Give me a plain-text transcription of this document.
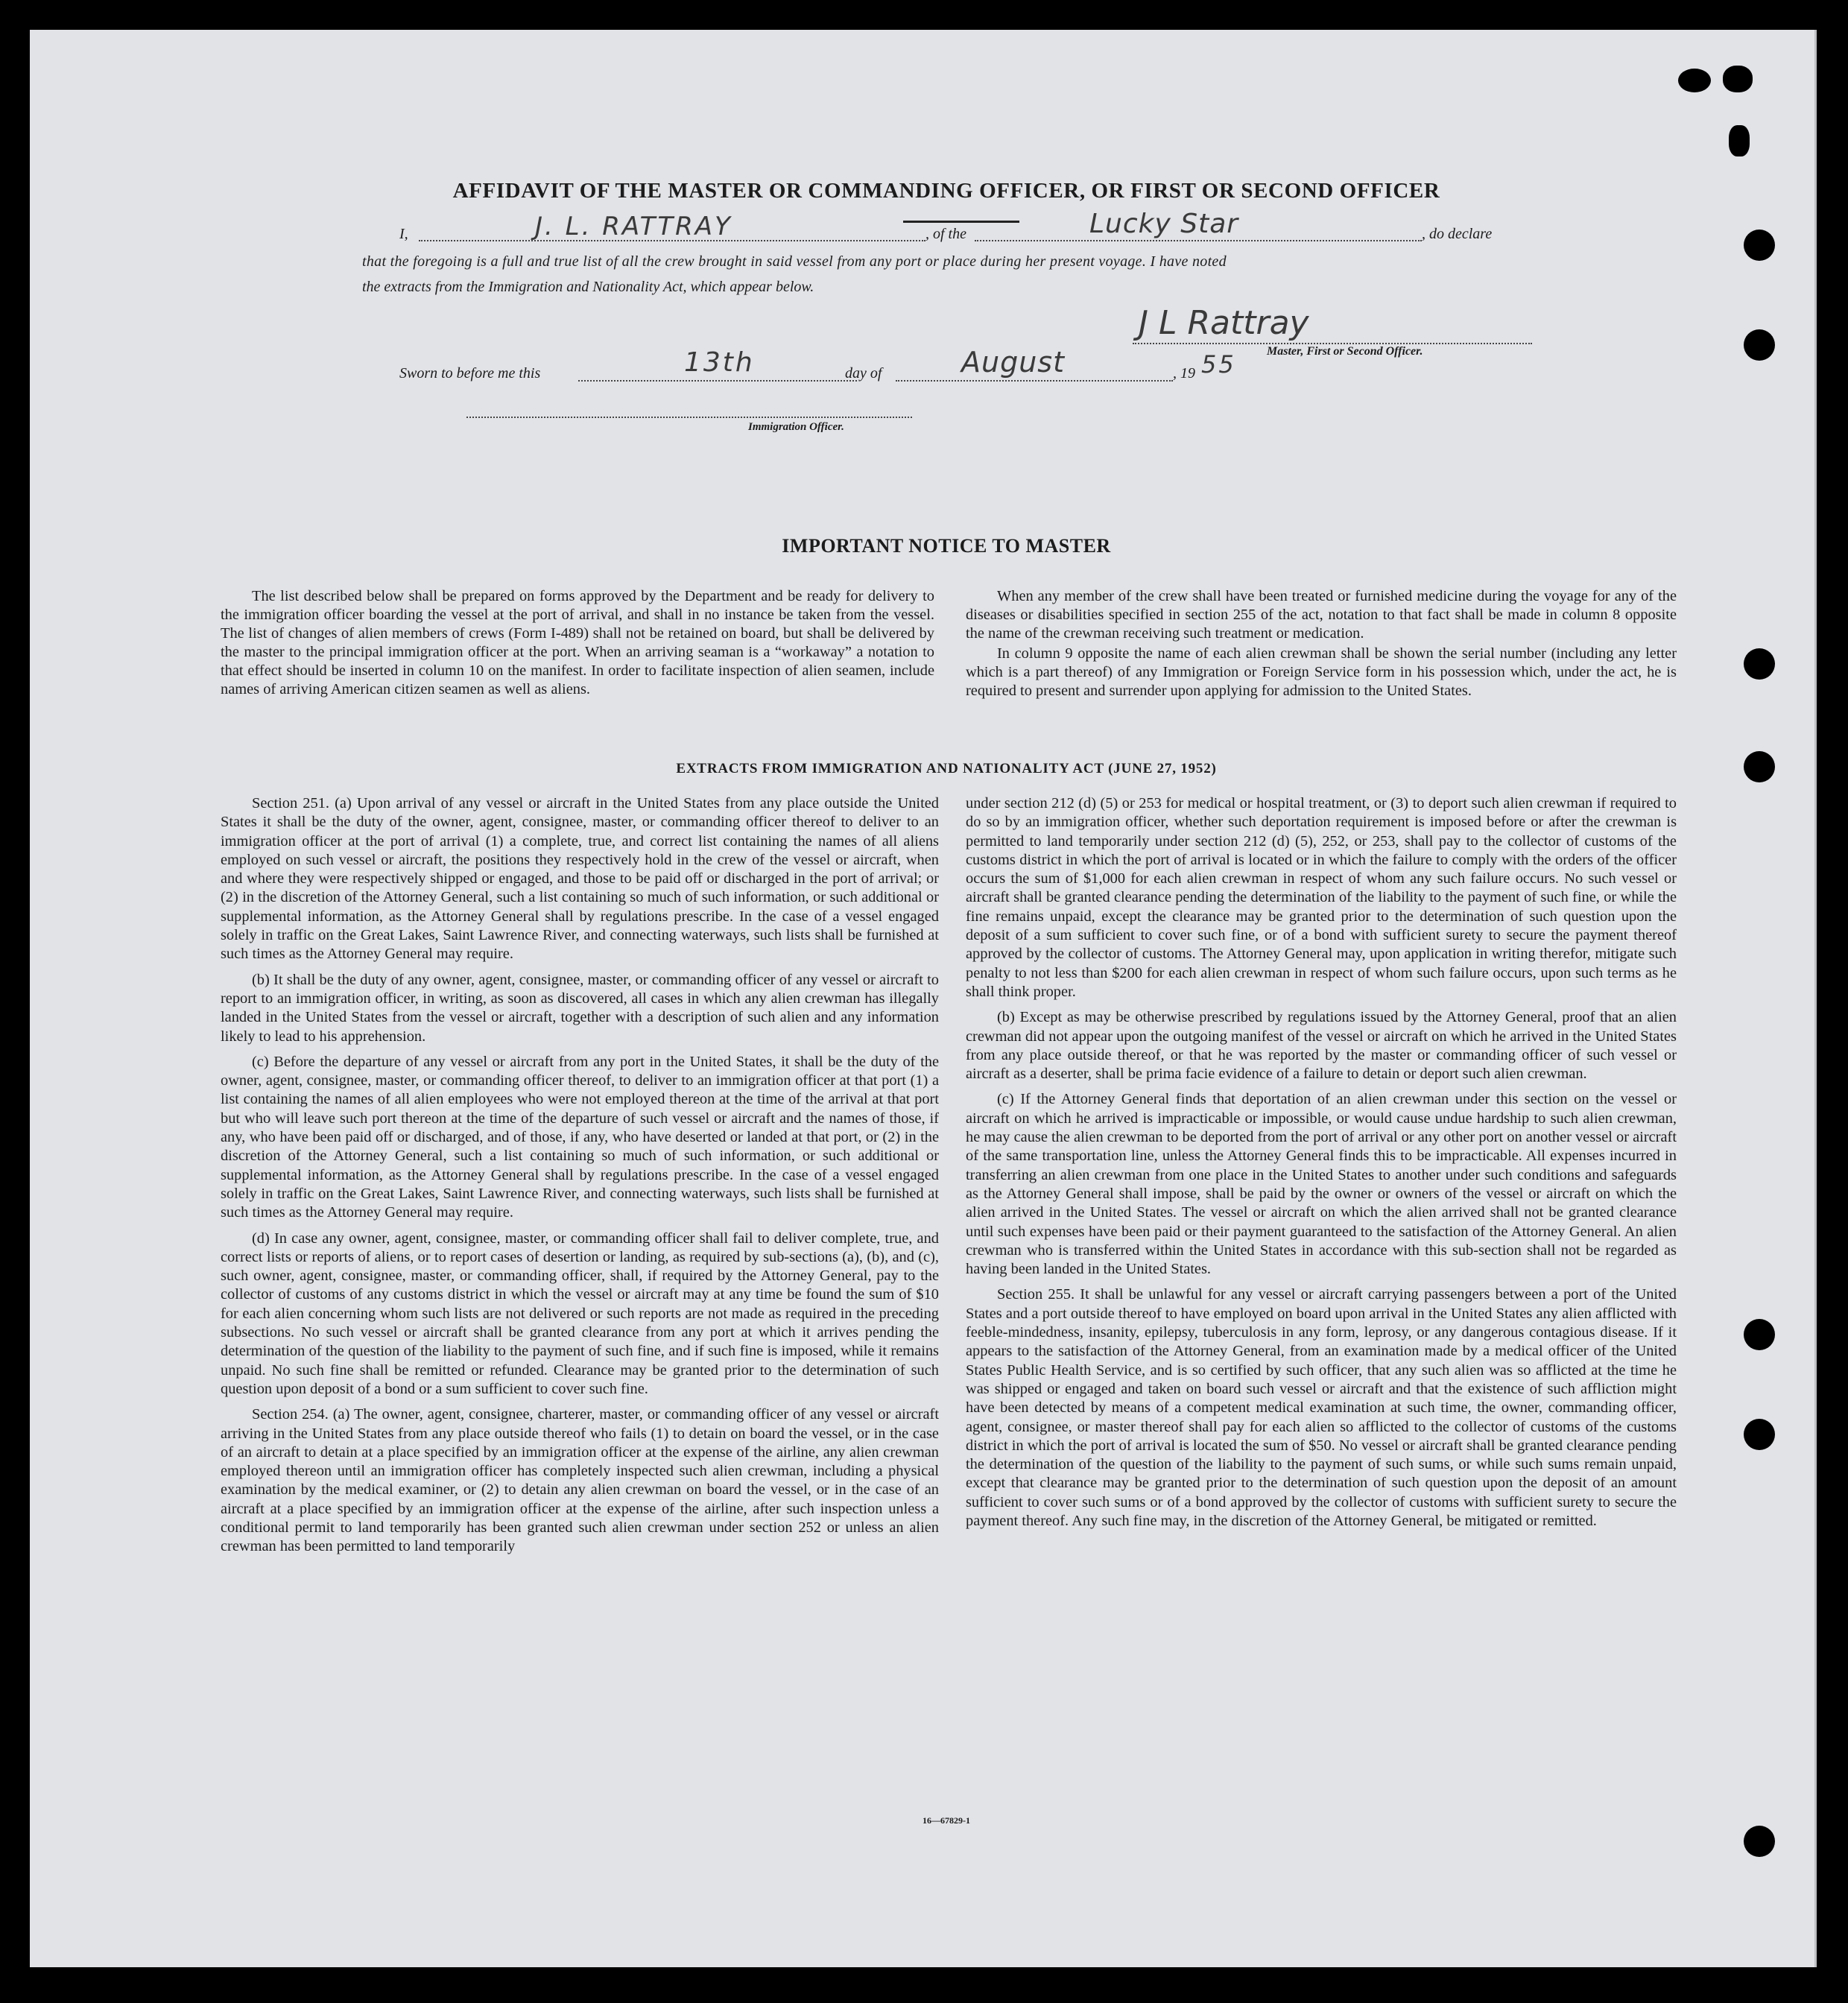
AFFIDAVIT OF THE MASTER OR COMMANDING OFFICER, OR FIRST OR SECOND OFFICER
I,	J. L. RATTRAY	, of the	Lucky Star	, do declare
that the foregoing is a full and true list of all the crew brought in said vessel from any port or place during her present voyage. I have noted
the extracts from the Immigration and Nationality Act, which appear below.
J L Rattray
Master, First or Second Officer.
Sworn to before me this	13th	day of	August	, 19 55
Immigration Officer.
IMPORTANT NOTICE TO MASTER

The list described below shall be prepared on forms approved by the Department and be ready for delivery to the immigration officer boarding the vessel at the port of arrival, and shall in no instance be taken from the vessel. The list of changes of alien members of crews (Form I-489) shall not be retained on board, but shall be delivered by the master to the principal immigration officer at the port. When an arriving seaman is a “workaway” a notation to that effect should be inserted in column 10 on the manifest. In order to facilitate inspection of alien seamen, include names of arriving American citizen seamen as well as aliens.

When any member of the crew shall have been treated or furnished medicine during the voyage for any of the diseases or disabilities specified in section 255 of the act, notation to that fact shall be made in column 8 opposite the name of the crewman receiving such treatment or medication.

In column 9 opposite the name of each alien crewman shall be shown the serial number (including any letter which is a part thereof) of any Immigration or Foreign Service form in his possession which, under the act, he is required to present and surrender upon applying for admission to the United States.

EXTRACTS FROM IMMIGRATION AND NATIONALITY ACT (JUNE 27, 1952)

Section 251. (a) Upon arrival of any vessel or aircraft in the United States from any place outside the United States it shall be the duty of the owner, agent, consignee, master, or commanding officer thereof to deliver to an immigration officer at the port of arrival (1) a complete, true, and correct list containing the names of all aliens employed on such vessel or aircraft, the positions they respectively hold in the crew of the vessel or aircraft, when and where they were respectively shipped or engaged, and those to be paid off or discharged in the port of arrival; or (2) in the discretion of the Attorney General, such a list containing so much of such information, or such additional or supplemental information, as the Attorney General shall by regulations prescribe. In the case of a vessel engaged solely in traffic on the Great Lakes, Saint Lawrence River, and connecting waterways, such lists shall be furnished at such times as the Attorney General may require.

(b) It shall be the duty of any owner, agent, consignee, master, or commanding officer of any vessel or aircraft to report to an immigration officer, in writing, as soon as discovered, all cases in which any alien crewman has illegally landed in the United States from the vessel or aircraft, together with a description of such alien and any information likely to lead to his apprehension.

(c) Before the departure of any vessel or aircraft from any port in the United States, it shall be the duty of the owner, agent, consignee, master, or commanding officer thereof, to deliver to an immigration officer at that port (1) a list containing the names of all alien employees who were not employed thereon at the time of the arrival at that port but who will leave such port thereon at the time of the departure of such vessel or aircraft and the names of those, if any, who have been paid off or discharged, and of those, if any, who have deserted or landed at that port, or (2) in the discretion of the Attorney General, such a list containing so much of such information, or such additional or supplemental information, as the Attorney General shall by regulations prescribe. In the case of a vessel engaged solely in traffic on the Great Lakes, Saint Lawrence River, and connecting waterways, such lists shall be furnished at such times as the Attorney General may require.

(d) In case any owner, agent, consignee, master, or commanding officer shall fail to deliver complete, true, and correct lists or reports of aliens, or to report cases of desertion or landing, as required by sub-sections (a), (b), and (c), such owner, agent, consignee, master, or commanding officer, shall, if required by the Attorney General, pay to the collector of customs of any customs district in which the vessel or aircraft may at any time be found the sum of $10 for each alien concerning whom such lists are not delivered or such reports are not made as required in the preceding subsections. No such vessel or aircraft shall be granted clearance from any port at which it arrives pending the determination of the question of the liability to the payment of such fine, and if such fine is imposed, while it remains unpaid. No such fine shall be remitted or refunded. Clearance may be granted prior to the determination of such question upon deposit of a bond or a sum sufficient to cover such fine.

Section 254. (a) The owner, agent, consignee, charterer, master, or commanding officer of any vessel or aircraft arriving in the United States from any place outside thereof who fails (1) to detain on board the vessel, or in the case of an aircraft to detain at a place specified by an immigration officer at the expense of the airline, any alien crewman employed thereon until an immigration officer has completely inspected such alien crewman, including a physical examination by the medical examiner, or (2) to detain any alien crewman on board the vessel, or in the case of an aircraft at a place specified by an immigration officer at the expense of the airline, after such inspection unless a conditional permit to land temporarily has been granted such alien crewman under section 252 or unless an alien crewman has been permitted to land temporarily

under section 212 (d) (5) or 253 for medical or hospital treatment, or (3) to deport such alien crewman if required to do so by an immigration officer, whether such deportation requirement is imposed before or after the crewman is permitted to land temporarily under section 212 (d) (5), 252, or 253, shall pay to the collector of customs of the customs district in which the port of arrival is located or in which the failure to comply with the orders of the officer occurs the sum of $1,000 for each alien crewman in respect of whom any such failure occurs. No such vessel or aircraft shall be granted clearance pending the determination of the liability to the payment of such fine, or while the fine remains unpaid, except the clearance may be granted prior to the determination of such question upon the deposit of a sum sufficient to cover such fine, or of a bond with sufficient surety to secure the payment thereof approved by the collector of customs. The Attorney General may, upon application in writing therefor, mitigate such penalty to not less than $200 for each alien crewman in respect of whom such failure occurs, upon such terms as he shall think proper.

(b) Except as may be otherwise prescribed by regulations issued by the Attorney General, proof that an alien crewman did not appear upon the outgoing manifest of the vessel or aircraft on which he arrived in the United States from any place outside thereof, or that he was reported by the master or commanding officer of such vessel or aircraft as a deserter, shall be prima facie evidence of a failure to detain or deport such alien crewman.

(c) If the Attorney General finds that deportation of an alien crewman under this section on the vessel or aircraft on which he arrived is impracticable or impossible, or would cause undue hardship to such alien crewman, he may cause the alien crewman to be deported from the port of arrival or any other port on another vessel or aircraft of the same transportation line, unless the Attorney General finds this to be impracticable. All expenses incurred in transferring an alien crewman from one place in the United States to another under such conditions and safeguards as the Attorney General shall impose, shall be paid by the owner or owners of the vessel or aircraft on which the alien arrived in the United States. The vessel or aircraft on which the alien arrived shall not be granted clearance until such expenses have been paid or their payment guaranteed to the satisfaction of the Attorney General. An alien crewman who is transferred within the United States in accordance with this sub-section shall not be regarded as having been landed in the United States.

Section 255. It shall be unlawful for any vessel or aircraft carrying passengers between a port of the United States and a port outside thereof to have employed on board upon arrival in the United States any alien afflicted with feeble-mindedness, insanity, epilepsy, tuberculosis in any form, leprosy, or any dangerous contagious disease. If it appears to the satisfaction of the Attorney General, from an examination made by a medical officer of the United States Public Health Service, and is so certified by such officer, that any such alien was so afflicted at the time he was shipped or engaged and taken on board such vessel or aircraft and that the existence of such affliction might have been detected by means of a competent medical examination at such time, the owner, commanding officer, agent, consignee, or master thereof shall pay for each alien so afflicted to the collector of customs of the customs district in which the port of arrival is located the sum of $50. No vessel or aircraft shall be granted clearance pending the determination of the question of the liability to the payment of such sums, or while such sums remain unpaid, except that clearance may be granted prior to the determination of such question upon the deposit of an amount sufficient to cover such sums or of a bond approved by the collector of customs with sufficient surety to secure the payment thereof. Any such fine may, in the discretion of the Attorney General, be mitigated or remitted.

16—67829-1
